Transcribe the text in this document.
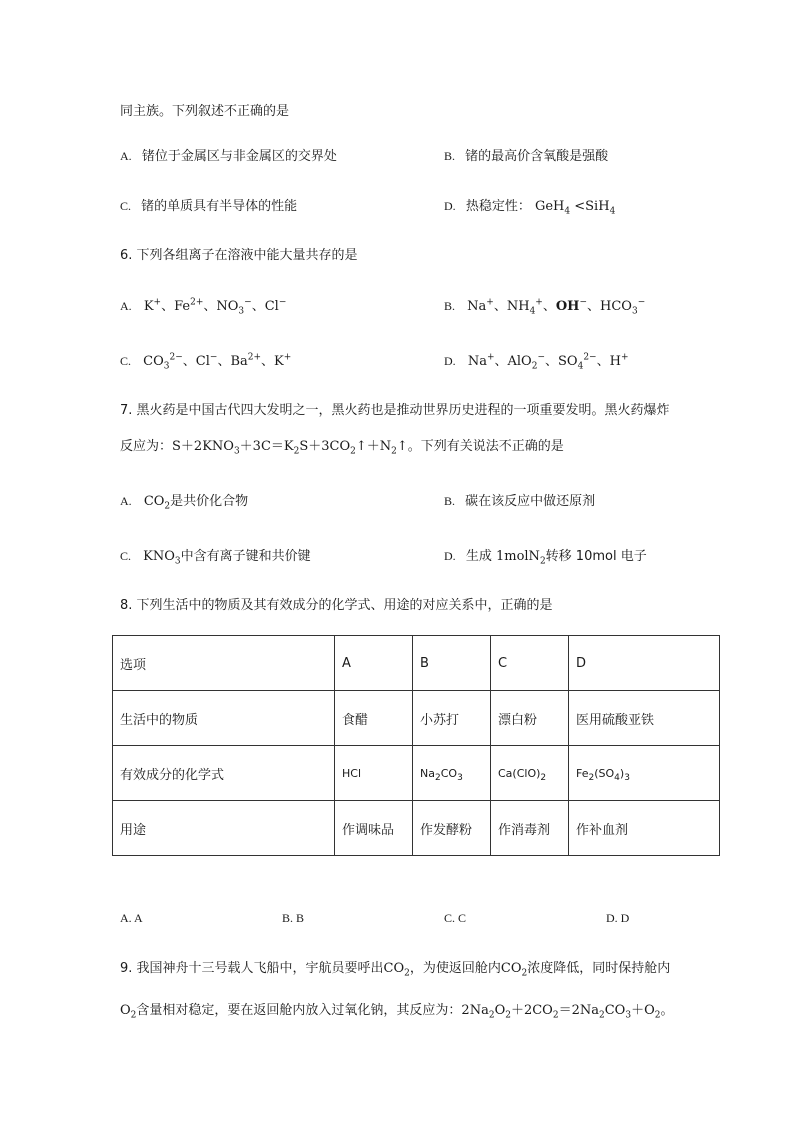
同主族。下列叙述不正确的是
A. 锗位于金属区与非金属区的交界处	B. 锗的最高价含氧酸是强酸
C. 锗的单质具有半导体的性能	D. 热稳定性： GeH$_4$ <SiH$_4$
6. 下列各组离子在溶液中能大量共存的是
A. K+、$Fe^{2+}$、$NO_3^-$、Cl−	B. Na+、$NH_4^+$、OH−、$HCO_3^-$
C. $CO_3^{2-}$、Cl−、$Ba^{2+}$、K+	D. Na+、AlO$_2$−、$SO_4^{2-}$、H+
7. 黑火药是中国古代四大发明之一，黑火药也是推动世界历史进程的一项重要发明。黑火药爆炸
反应为：$S+2KNO_3+3C=K_2S+3CO_2↑+N_2↑$。下列有关说法不正确的是
A. $CO_2$是共价化合物	B. 碳在该反应中做还原剂
C. $KNO_3$中含有离子键和共价键	D. 生成 1molN$_2$转移 10mol 电子
8. 下列生活中的物质及其有效成分的化学式、用途的对应关系中，正确的是
选项	A	B	C	D
生活中的物质	食醋	小苏打	漂白粉	医用硫酸亚铁
有效成分的化学式	HCl	$Na_2CO_3$	$Ca(ClO)_2$	$Fe_2(SO_4)_3$
用途	作调味品	作发酵粉	作消毒剂	作补血剂
A. A	B. B	C. C	D. D
9. 我国神舟十三号载人飞船中，宇航员要呼出$CO_2$，为使返回舱内$CO_2$浓度降低，同时保持舱内
$O_2$含量相对稳定，要在返回舱内放入过氧化钠，其反应为：$2Na_2O_2+2CO_2=2Na_2CO_3+O_2$。
